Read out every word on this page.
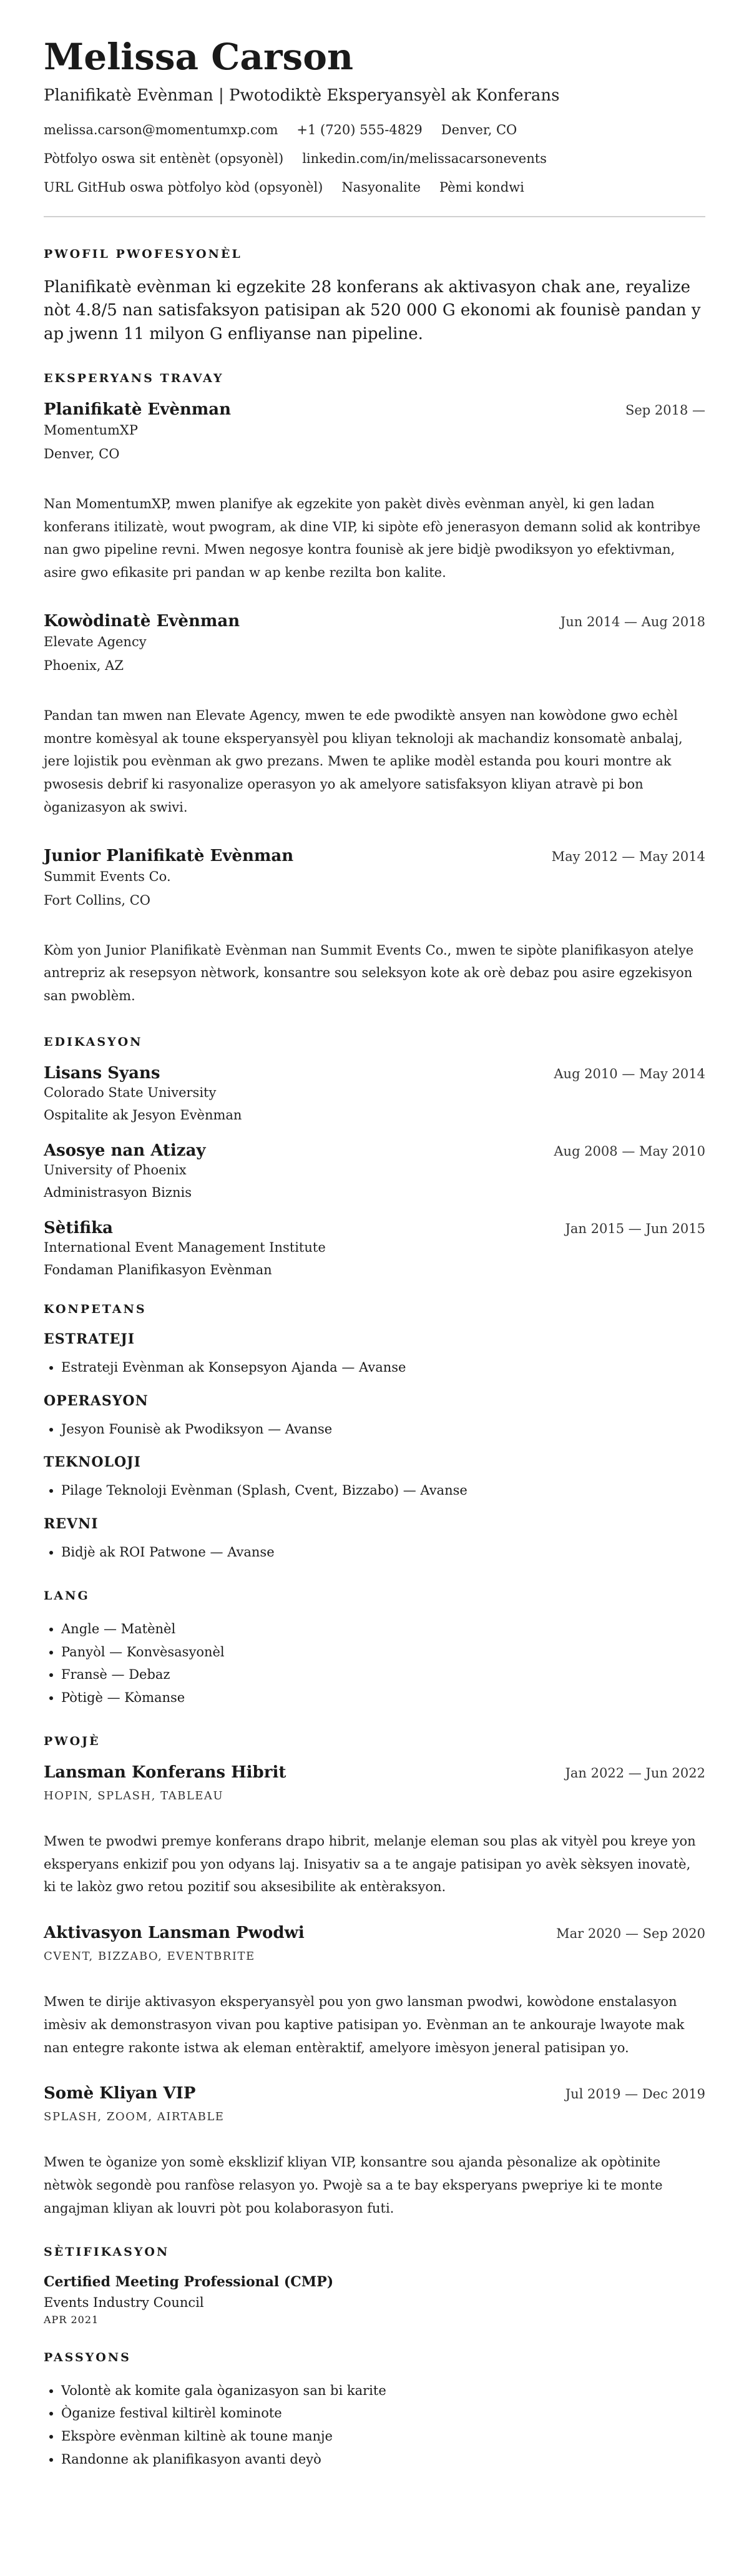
Melissa Carson
Planifikatè Evènman | Pwotodiktè Eksperyansyèl ak Konferans
melissa.carson@momentumxp.com +1 (720) 555-4829 Denver, CO
Pòtfolyo oswa sit entènèt (opsyonèl) linkedin.com/in/melissacarsonevents
URL GitHub oswa pòtfolyo kòd (opsyonèl) Nasyonalite Pèmi kondwi
PWOFIL PWOFESYONÈL

Planifikatè evènman ki egzekite 28 konferans ak aktivasyon chak ane, reyalize nòt 4.8/5 nan satisfaksyon patisipan ak 520 000 G ekonomi ak founisè pandan y ap jwenn 11 milyon G enfliyanse nan pipeline.

EKSPERYANS TRAVAY
Planifikatè Evènman	Sep 2018 —
MomentumXP
Denver, CO

Nan MomentumXP, mwen planifye ak egzekite yon pakèt divès evènman anyèl, ki gen ladan konferans itilizatè, wout pwogram, ak dine VIP, ki sipòte efò jenerasyon demann solid ak kontribye nan gwo pipeline revni. Mwen negosye kontra founisè ak jere bidjè pwodiksyon yo efektivman, asire gwo efikasite pri pandan w ap kenbe rezilta bon kalite.

Kowòdinatè Evènman	Jun 2014 — Aug 2018
Elevate Agency
Phoenix, AZ

Pandan tan mwen nan Elevate Agency, mwen te ede pwodiktè ansyen nan kowòdone gwo echèl montre komèsyal ak toune eksperyansyèl pou kliyan teknoloji ak machandiz konsomatè anbalaj, jere lojistik pou evènman ak gwo prezans. Mwen te aplike modèl estanda pou kouri montre ak pwosesis debrif ki rasyonalize operasyon yo ak amelyore satisfaksyon kliyan atravè pi bon òganizasyon ak swivi.

Junior Planifikatè Evènman	May 2012 — May 2014
Summit Events Co.
Fort Collins, CO

Kòm yon Junior Planifikatè Evènman nan Summit Events Co., mwen te sipòte planifikasyon atelye antrepriz ak resepsyon nètwork, konsantre sou seleksyon kote ak orè debaz pou asire egzekisyon san pwoblèm.

EDIKASYON
Lisans Syans	Aug 2010 — May 2014
Colorado State University
Ospitalite ak Jesyon Evènman
Asosye nan Atizay	Aug 2008 — May 2010
University of Phoenix
Administrasyon Biznis
Sètifika	Jan 2015 — Jun 2015
International Event Management Institute
Fondaman Planifikasyon Evènman
KONPETANS
ESTRATEJI
• Estrateji Evènman ak Konsepsyon Ajanda — Avanse
OPERASYON
• Jesyon Founisè ak Pwodiksyon — Avanse
TEKNOLOJI
• Pilage Teknoloji Evènman (Splash, Cvent, Bizzabo) — Avanse
REVNI
• Bidjè ak ROI Patwone — Avanse
LANG
• Angle — Matènèl
• Panyòl — Konvèsasyonèl
• Fransè — Debaz
• Pòtigè — Kòmanse
PWOJÈ
Lansman Konferans Hibrit	Jan 2022 — Jun 2022
HOPIN, SPLASH, TABLEAU

Mwen te pwodwi premye konferans drapo hibrit, melanje eleman sou plas ak vityèl pou kreye yon eksperyans enkizif pou yon odyans laj. Inisyativ sa a te angaje patisipan yo avèk sèksyen inovatè, ki te lakòz gwo retou pozitif sou aksesibilite ak entèraksyon.

Aktivasyon Lansman Pwodwi	Mar 2020 — Sep 2020
CVENT, BIZZABO, EVENTBRITE

Mwen te dirije aktivasyon eksperyansyèl pou yon gwo lansman pwodwi, kowòdone enstalasyon imèsiv ak demonstrasyon vivan pou kaptive patisipan yo. Evènman an te ankouraje lwayote mak nan entegre rakonte istwa ak eleman entèraktif, amelyore imèsyon jeneral patisipan yo.

Somè Kliyan VIP	Jul 2019 — Dec 2019
SPLASH, ZOOM, AIRTABLE

Mwen te òganize yon somè eksklizif kliyan VIP, konsantre sou ajanda pèsonalize ak opòtinite nètwòk segondè pou ranfòse relasyon yo. Pwojè sa a te bay eksperyans pwepriye ki te monte angajman kliyan ak louvri pòt pou kolaborasyon futi.

SÈTIFIKASYON
Certified Meeting Professional (CMP)
Events Industry Council
APR 2021
PASSYONS
• Volontè ak komite gala òganizasyon san bi karite
• Òganize festival kiltirèl kominote
• Ekspòre evènman kiltinè ak toune manje
• Randonne ak planifikasyon avanti deyò
